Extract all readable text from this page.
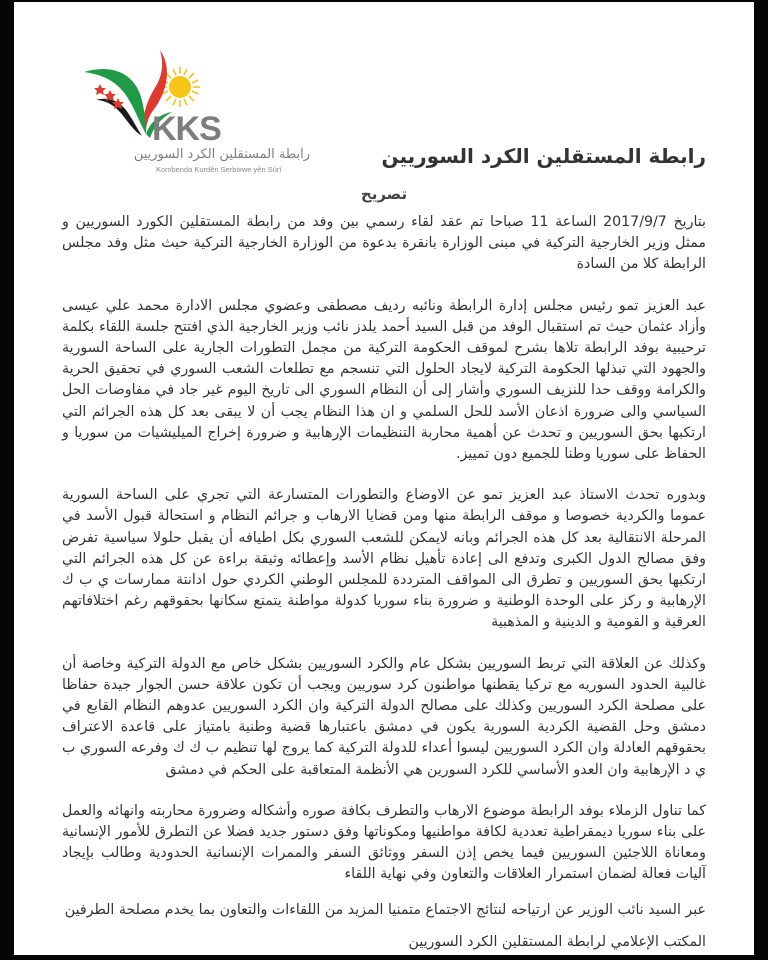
KKS
رابطة المستقلين الكرد السوريين
Kombenda Kurdên Serbixwe yên Sûrî
رابطة المستقلين الكرد السوريين
تصريح

بتاريخ 2017/9/7 الساعة 11 صباحا تم عقد لقاء رسمي بين وفد من رابطة المستقلين الكورد السوريين و ممثل وزير الخارجية التركية في مبنى الوزارة بانقرة بدعوة من الوزارة الخارجية التركية حيث مثل وفد مجلس الرابطة كلا من السادة

عبد العزيز تمو رئيس مجلس إدارة الرابطة ونائبه رديف مصطفى وعضوي مجلس الادارة محمد علي عيسى وأزاد عثمان حيث تم استقبال الوفد من قبل السيد أحمد يلدز نائب وزير الخارجية الذي افتتح جلسة اللقاء بكلمة ترحيبية بوفد الرابطة تلاها بشرح لموقف الحكومة التركية من مجمل التطورات الجارية على الساحة السورية والجهود التي تبذلها الحكومة التركية لايجاد الحلول التي تنسجم مع تطلعات الشعب السوري في تحقيق الحرية والكرامة ووقف حدا للنزيف السوري وأشار إلى أن النظام السوري الى تاريخ اليوم غير جاد في مفاوضات الحل السياسي والى ضرورة اذعان الأسد للحل السلمي و ان هذا النظام يجب أن لا يبقى بعد كل هذه الجرائم التي ارتكبها بحق السوريين و تحدث عن أهمية محاربة التنظيمات الإرهابية و ضرورة إخراج الميليشيات من سوريا و الحفاظ على سوريا وطنا للجميع دون تمييز.

وبدوره تحدث الاستاذ عبد العزيز تمو عن الاوضاع والتطورات المتسارعة التي تجري على الساحة السورية عموما والكردية خصوصا و موقف الرابطة منها ومن قضايا الارهاب و جرائم النظام و استحالة قبول الأسد في المرحلة الانتقالية بعد كل هذه الجرائم وبانه لايمكن للشعب السوري بكل اطيافه أن يقبل حلولا سياسية تفرض وفق مصالح الدول الكبرى وتدفع الى إعادة تأهيل نظام الأسد وإعطائه وثيقة براءة عن كل هذه الجرائم التي ارتكبها بحق السوريين و تطرق الى المواقف المترددة للمجلس الوطني الكردي حول ادانتة ممارسات ي ب ك الإرهابية و ركز على الوحدة الوطنية و ضرورة بناء سوريا كدولة مواطنة يتمتع سكانها بحقوقهم رغم اختلافاتهم العرقية و القومية و الدينية و المذهبية

وكذلك عن العلاقة التي تربط السوريين بشكل عام والكرد السوريين بشكل خاص مع الدولة التركية وخاصة أن غالبية الحدود السوريه مع تركيا يقطنها مواطنون كرد سوريين ويجب أن تكون علاقة حسن الجوار جيدة حفاظا على مصلحة الكرد السوريين وكذلك على مصالح الدولة التركية وان الكرد السوريين عدوهم النظام القابع في دمشق وحل القضية الكردية السورية يكون في دمشق باعتبارها قضية وطنية بامتياز على قاعدة الاعتراف بحقوقهم العادلة وان الكرد السوريين ليسوا أعداء للدولة التركية كما يروج لها تنظيم ب ك ك وفرعه السوري ب ي د الإرهابية وان العدو الأساسي للكرد السورين هي الأنظمة المتعاقبة على الحكم في دمشق

كما تناول الزملاء بوفد الرابطة موضوع الارهاب والتطرف بكافة صوره وأشكاله وضرورة محاربته وانهائه والعمل على بناء سوريا ديمقراطية تعددية لكافة مواطنيها ومكوناتها وفق دستور جديد فضلا عن التطرق للأمور الإنسانية ومعاناة اللاجئين السوريين فيما يخص إذن السفر ووثائق السفر والممرات الإنسانية الحدودية وطالب بإيجاد آليات فعالة لضمان استمرار العلاقات والتعاون وفي نهاية اللقاء

عبر السيد نائب الوزير عن ارتياحه لنتائج الاجتماع متمنيا المزيد من اللقاءات والتعاون بما يخدم مصلحة الطرفين

المكتب الإعلامي لرابطة المستقلين الكرد السوريين
